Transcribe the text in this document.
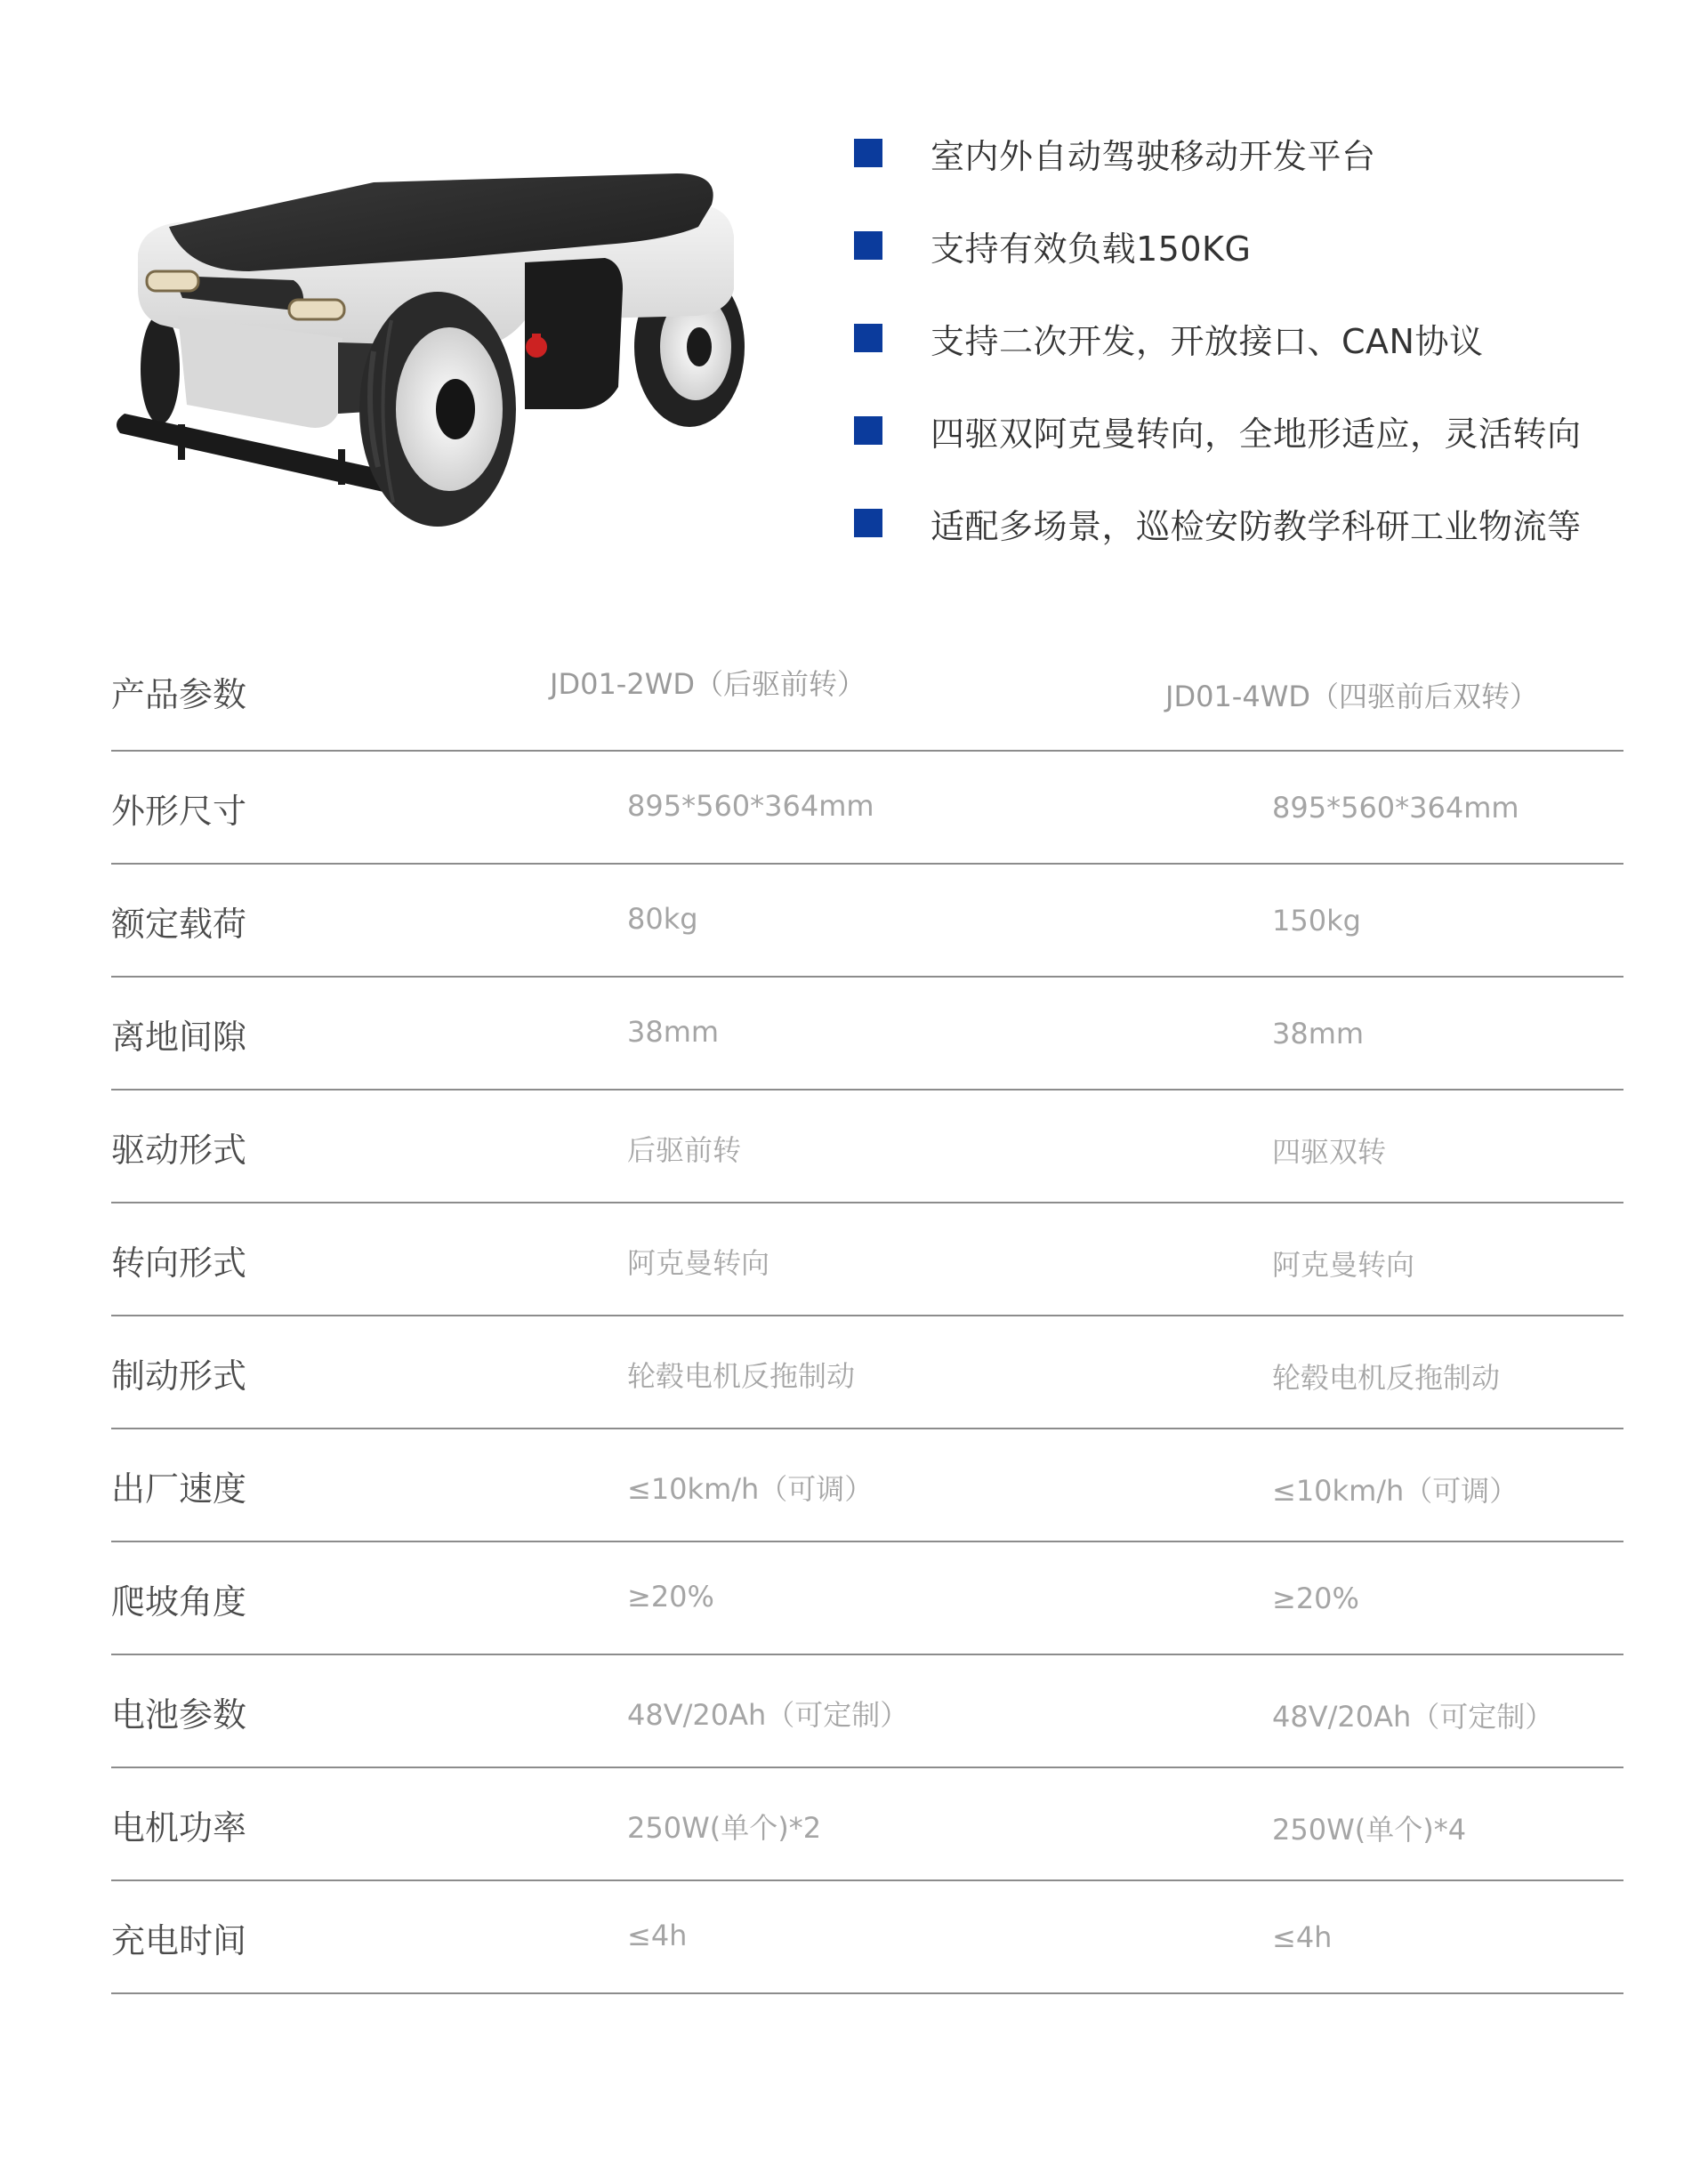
室内外自动驾驶移动开发平台
支持有效负载150KG
支持二次开发，开放接口、CAN协议
四驱双阿克曼转向，全地形适应，灵活转向
适配多场景，巡检安防教学科研工业物流等
产品参数	JD01-2WD（后驱前转）	JD01-4WD（四驱前后双转）
外形尺寸	895*560*364mm	895*560*364mm
额定载荷	80kg	150kg
离地间隙	38mm	38mm
驱动形式	后驱前转	四驱双转
转向形式	阿克曼转向	阿克曼转向
制动形式	轮毂电机反拖制动	轮毂电机反拖制动
出厂速度	≤10km/h（可调）	≤10km/h（可调）
爬坡角度	≥20%	≥20%
电池参数	48V/20Ah（可定制）	48V/20Ah（可定制）
电机功率	250W(单个)*2	250W(单个)*4
充电时间	≤4h	≤4h
